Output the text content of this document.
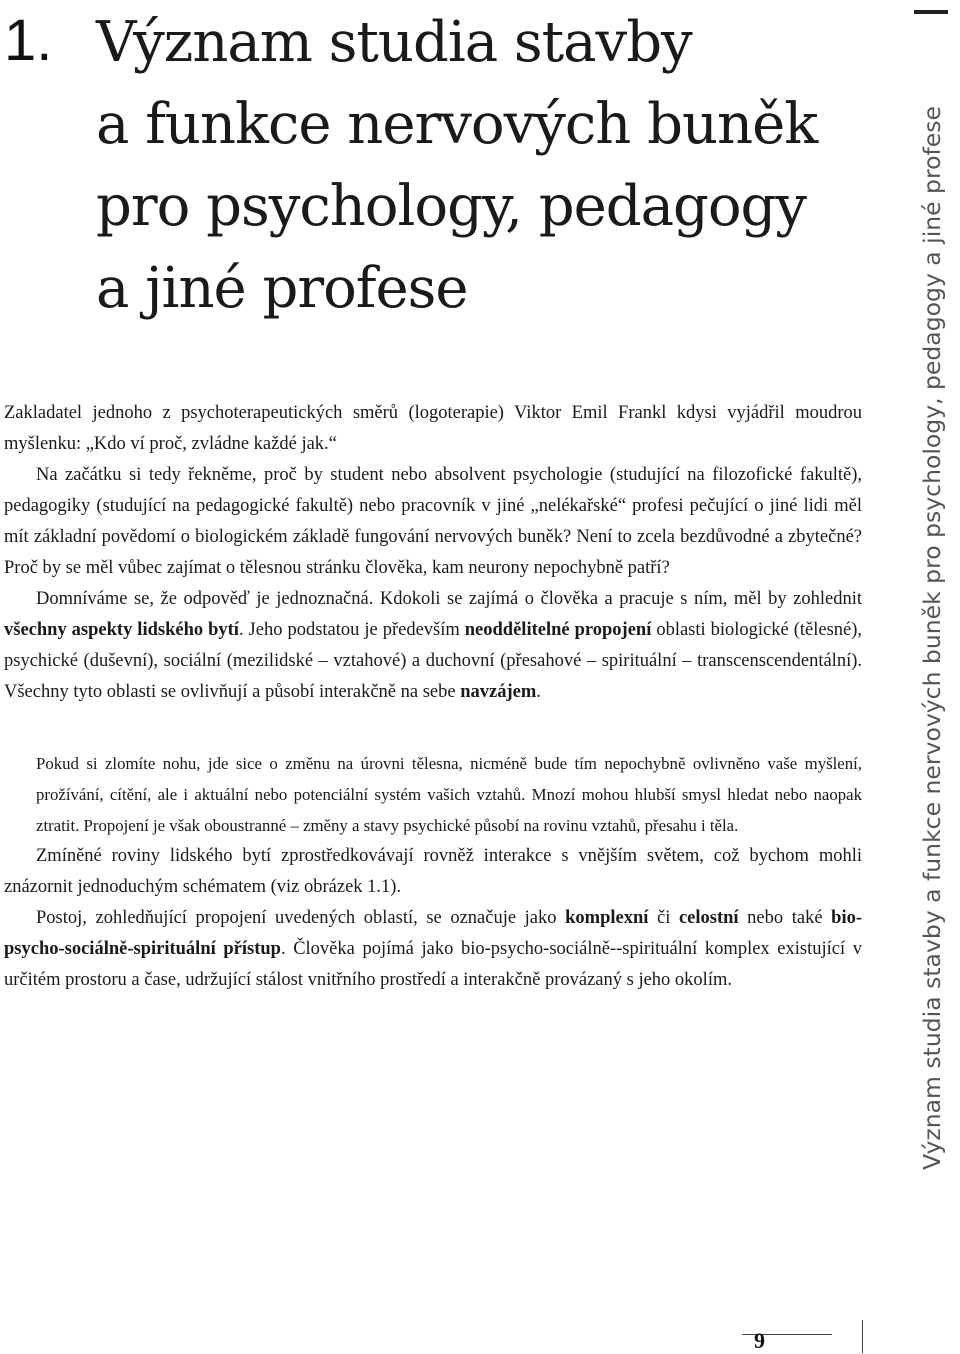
1. Význam studia stavby
a funkce nervových buněk
pro psychology, pedagogy
a jiné profese

Zakladatel jednoho z psychoterapeutických směrů (logoterapie) Viktor Emil Frankl kdysi vyjádřil moudrou myšlenku: „Kdo ví proč, zvládne každé jak.“

Na začátku si tedy řekněme, proč by student nebo absolvent psychologie (studující na filozofické fakultě), pedagogiky (studující na pedagogické fakultě) nebo pracovník v jiné „nelékařské“ profesi pečující o jiné lidi měl mít základní povědomí o biologickém základě fungování nervových buněk? Není to zcela bezdůvodné a zbytečné? Proč by se měl vůbec zajímat o tělesnou stránku člověka, kam neurony nepochybně patří?

Domníváme se, že odpověď je jednoznačná. Kdokoli se zajímá o člověka a pracuje s ním, měl by zohlednit všechny aspekty lidského bytí. Jeho podstatou je především neoddělitelné propojení oblasti biologické (tělesné), psychické (duševní), sociální (mezilidské – vztahové) a duchovní (přesahové – spirituální – transcenscendentální). Všechny tyto oblasti se ovlivňují a působí interakčně na sebe navzájem.

Pokud si zlomíte nohu, jde sice o změnu na úrovni tělesna, nicméně bude tím nepochybně ovlivněno vaše myšlení, prožívání, cítění, ale i aktuální nebo potenciální systém vašich vztahů. Mnozí mohou hlubší smysl hledat nebo naopak ztratit. Propojení je však oboustranné – změny a stavy psychické působí na rovinu vztahů, přesahu i těla.

Zmíněné roviny lidského bytí zprostředkovávají rovněž interakce s vnějším světem, což bychom mohli znázornit jednoduchým schématem (viz obrázek 1.1).

Postoj, zohledňující propojení uvedených oblastí, se označuje jako komplexní či celostní nebo také bio-psycho-sociálně-spirituální přístup. Člověka pojímá jako bio-psycho-sociálně--spirituální komplex existující v určitém prostoru a čase, udržující stálost vnitřního prostředí a interakčně provázaný s jeho okolím.	Význam studia stavby a funkce nervových buněk pro psychology, pedagogy a jiné profese
9
